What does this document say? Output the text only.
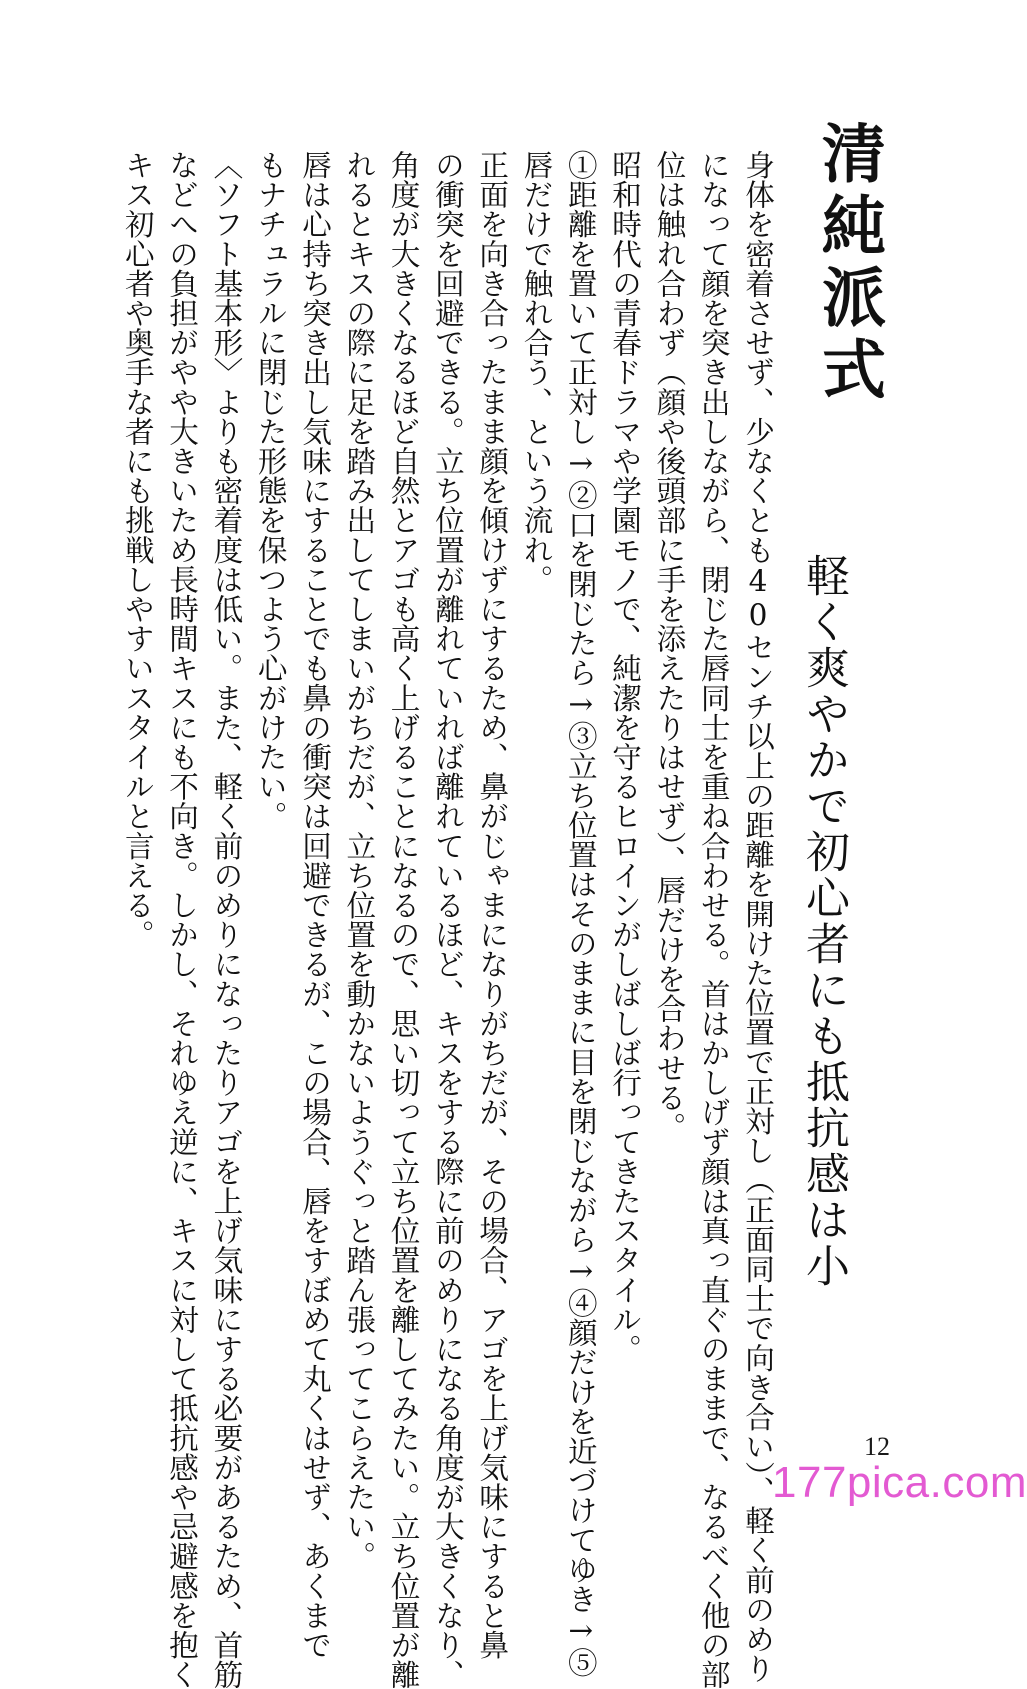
清純派式
軽く爽やかで初心者にも抵抗感は小
身体を密着させず、少なくとも40センチ以上の距離を開けた位置で正対し（正面同士で向き合い）、軽く前のめり
になって顔を突き出しながら、閉じた唇同士を重ね合わせる。首はかしげず顔は真っ直ぐのままで、なるべく他の部
位は触れ合わず（顔や後頭部に手を添えたりはせず）、唇だけを合わせる。
昭和時代の青春ドラマや学園モノで、純潔を守るヒロインがしばしば行ってきたスタイル。
①距離を置いて正対し→②口を閉じたら→③立ち位置はそのままに目を閉じながら→④顔だけを近づけてゆき→⑤
唇だけで触れ合う、という流れ。
正面を向き合ったまま顔を傾けずにするため、鼻がじゃまになりがちだが、その場合、アゴを上げ気味にすると鼻
の衝突を回避できる。立ち位置が離れていれば離れているほど、キスをする際に前のめりになる角度が大きくなり、
角度が大きくなるほど自然とアゴも高く上げることになるので、思い切って立ち位置を離してみたい。立ち位置が離
れるとキスの際に足を踏み出してしまいがちだが、立ち位置を動かないようぐっと踏ん張ってこらえたい。
唇は心持ち突き出し気味にすることでも鼻の衝突は回避できるが、この場合、唇をすぼめて丸くはせず、あくまで
もナチュラルに閉じた形態を保つよう心がけたい。
〈ソフト基本形〉よりも密着度は低い。また、軽く前のめりになったりアゴを上げ気味にする必要があるため、首筋
などへの負担がやや大きいため長時間キスにも不向き。しかし、それゆえ逆に、キスに対して抵抗感や忌避感を抱く
キス初心者や奥手な者にも挑戦しやすいスタイルと言える。
12
177pica.com
